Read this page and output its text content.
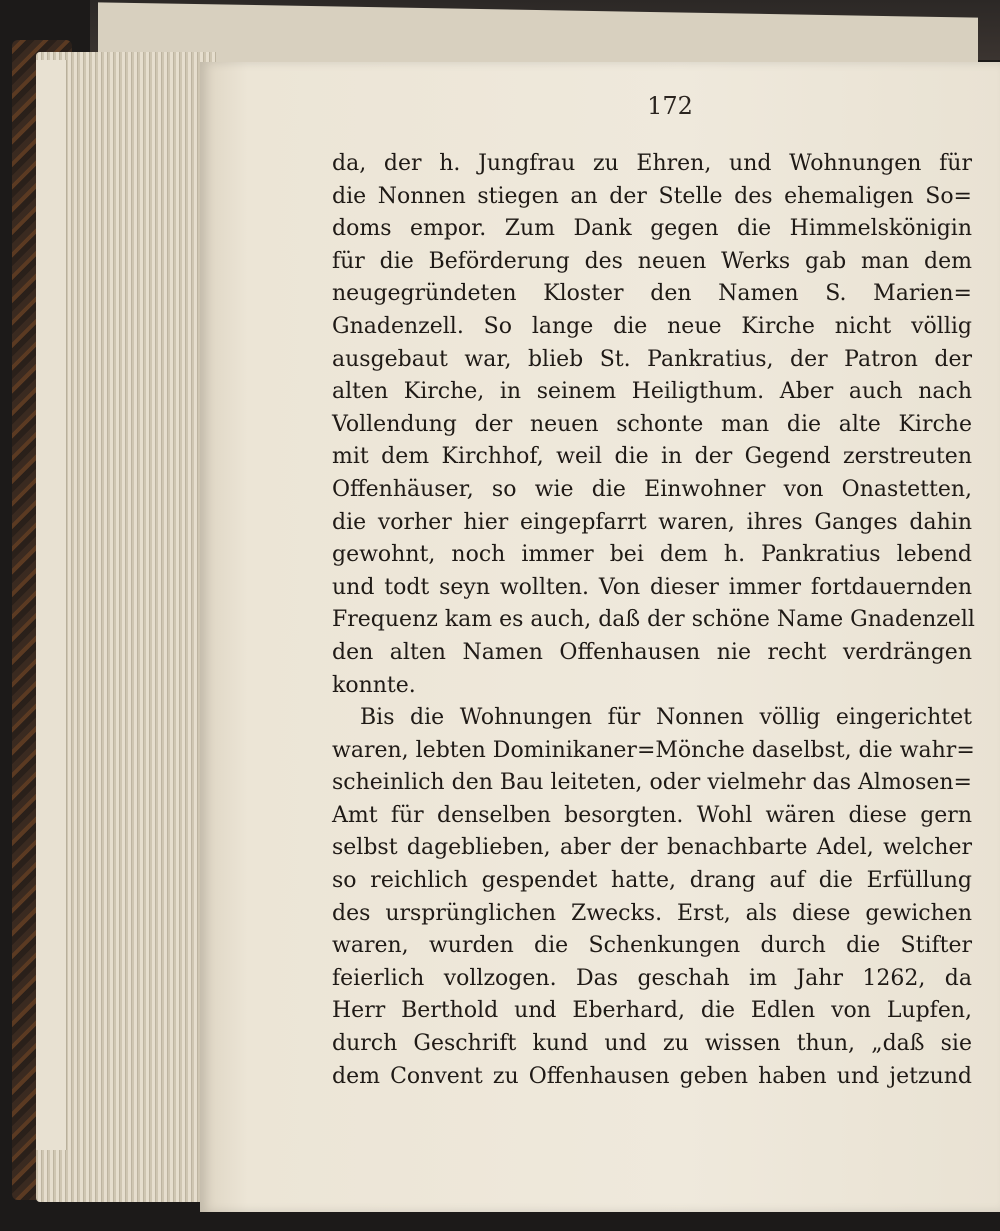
172
da, der h. Jungfrau zu Ehren, und Wohnungen für
die Nonnen stiegen an der Stelle des ehemaligen So=
doms empor. Zum Dank gegen die Himmelskönigin
für die Beförderung des neuen Werks gab man dem
neugegründeten Kloster den Namen S. Marien=
Gnadenzell. So lange die neue Kirche nicht völlig
ausgebaut war, blieb St. Pankratius, der Patron der
alten Kirche, in seinem Heiligthum. Aber auch nach
Vollendung der neuen schonte man die alte Kirche
mit dem Kirchhof, weil die in der Gegend zerstreuten
Offenhäuser, so wie die Einwohner von Onastetten,
die vorher hier eingepfarrt waren, ihres Ganges dahin
gewohnt, noch immer bei dem h. Pankratius lebend
und todt seyn wollten. Von dieser immer fortdauernden
Frequenz kam es auch, daß der schöne Name Gnadenzell
den alten Namen Offenhausen nie recht verdrängen
konnte.
Bis die Wohnungen für Nonnen völlig eingerichtet
waren, lebten Dominikaner=Mönche daselbst, die wahr=
scheinlich den Bau leiteten, oder vielmehr das Almosen=
Amt für denselben besorgten. Wohl wären diese gern
selbst dageblieben, aber der benachbarte Adel, welcher
so reichlich gespendet hatte, drang auf die Erfüllung
des ursprünglichen Zwecks. Erst, als diese gewichen
waren, wurden die Schenkungen durch die Stifter
feierlich vollzogen. Das geschah im Jahr 1262, da
Herr Berthold und Eberhard, die Edlen von Lupfen,
durch Geschrift kund und zu wissen thun, „daß sie
dem Convent zu Offenhausen geben haben und jetzund
